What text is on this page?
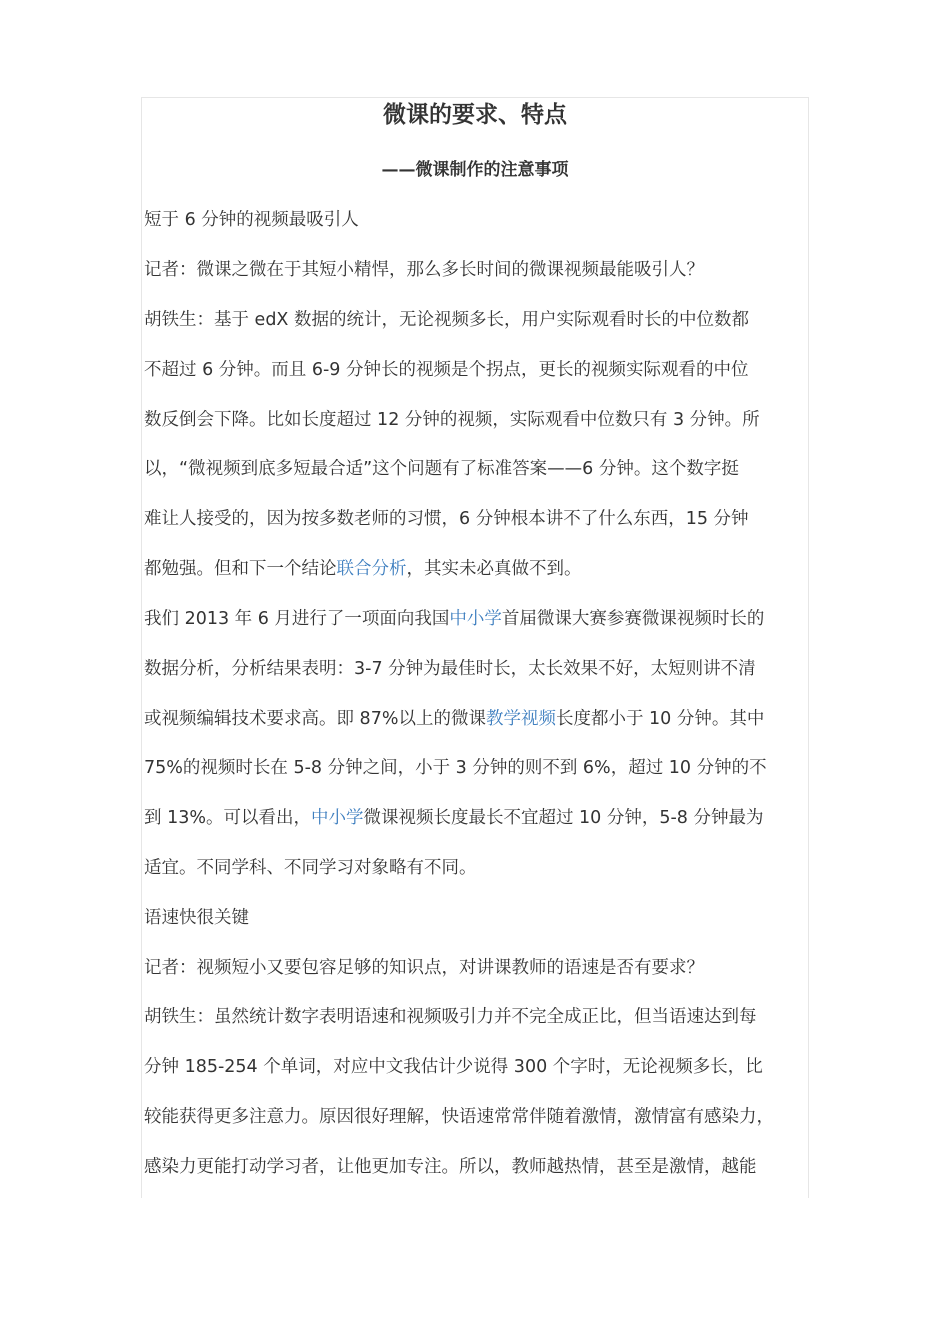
微课的要求、特点
——微课制作的注意事项
短于 6 分钟的视频最吸引人
记者：微课之微在于其短小精悍，那么多长时间的微课视频最能吸引人？
胡铁生：基于 edX 数据的统计，无论视频多长，用户实际观看时长的中位数都
不超过 6 分钟。而且 6-9 分钟长的视频是个拐点，更长的视频实际观看的中位
数反倒会下降。比如长度超过 12 分钟的视频，实际观看中位数只有 3 分钟。所
以，“微视频到底多短最合适”这个问题有了标准答案——6 分钟。这个数字挺
难让人接受的，因为按多数老师的习惯，6 分钟根本讲不了什么东西，15 分钟
都勉强。但和下一个结论联合分析，其实未必真做不到。
我们 2013 年 6 月进行了一项面向我国中小学首届微课大赛参赛微课视频时长的
数据分析，分析结果表明：3-7 分钟为最佳时长，太长效果不好，太短则讲不清
或视频编辑技术要求高。即 87%以上的微课教学视频长度都小于 10 分钟。其中
75%的视频时长在 5-8 分钟之间，小于 3 分钟的则不到 6%，超过 10 分钟的不
到 13%。可以看出，中小学微课视频长度最长不宜超过 10 分钟，5-8 分钟最为
适宜。不同学科、不同学习对象略有不同。
语速快很关键
记者：视频短小又要包容足够的知识点，对讲课教师的语速是否有要求？
胡铁生：虽然统计数字表明语速和视频吸引力并不完全成正比，但当语速达到每
分钟 185-254 个单词，对应中文我估计少说得 300 个字时，无论视频多长，比
较能获得更多注意力。原因很好理解，快语速常常伴随着激情，激情富有感染力，
感染力更能打动学习者，让他更加专注。所以，教师越热情，甚至是激情，越能
